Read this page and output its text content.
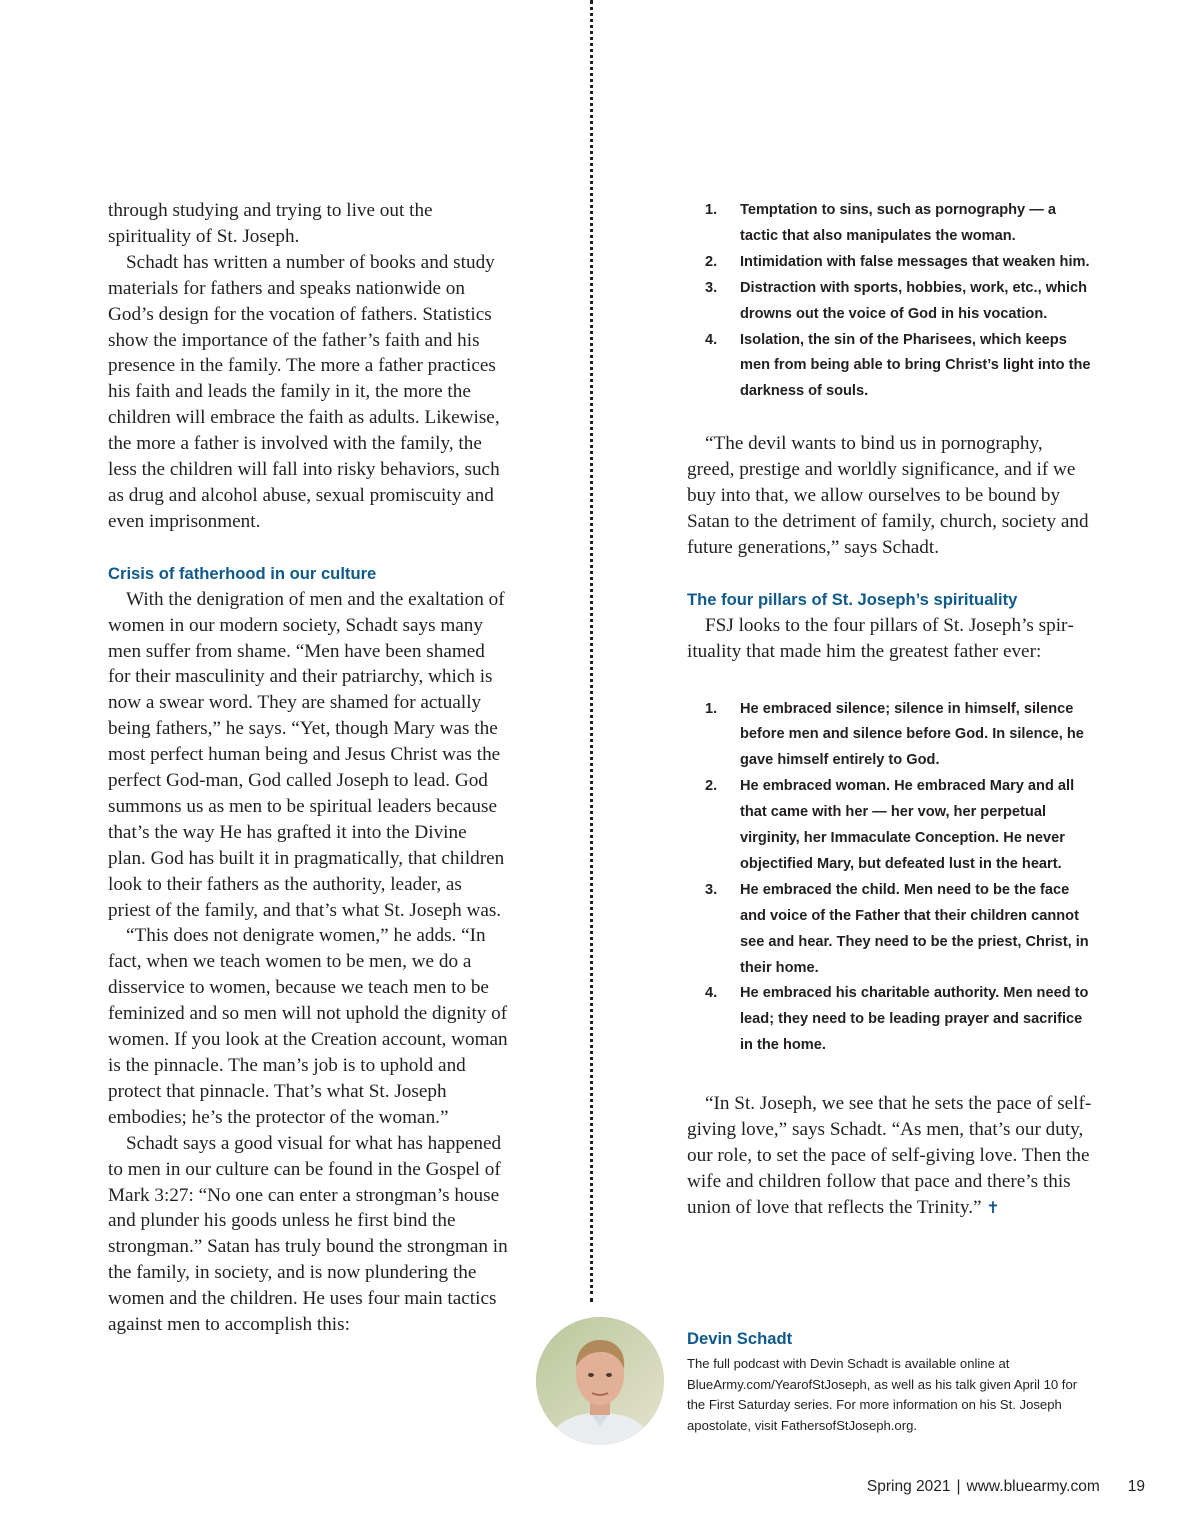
through studying and trying to live out the spirituality of St. Joseph.

Schadt has written a number of books and study materials for fathers and speaks nationwide on God’s design for the vocation of fathers. Statistics show the importance of the father’s faith and his presence in the family. The more a father practices his faith and leads the family in it, the more the children will embrace the faith as adults. Likewise, the more a father is involved with the family, the less the children will fall into risky behaviors, such as drug and alcohol abuse, sexual promiscuity and even imprisonment.

Crisis of fatherhood in our culture

With the denigration of men and the exaltation of women in our modern society, Schadt says many men suffer from shame. “Men have been shamed for their masculinity and their patriarchy, which is now a swear word. They are shamed for actually being fathers,” he says. “Yet, though Mary was the most perfect human being and Jesus Christ was the perfect God-man, God called Joseph to lead. God summons us as men to be spiritual leaders because that’s the way He has grafted it into the Divine plan. God has built it in pragmatically, that children look to their fathers as the authority, leader, as priest of the family, and that’s what St. Joseph was.

“This does not denigrate women,” he adds. “In fact, when we teach women to be men, we do a disservice to women, because we teach men to be feminized and so men will not uphold the dignity of women. If you look at the Creation account, woman is the pinnacle. The man’s job is to uphold and protect that pinnacle. That’s what St. Joseph embodies; he’s the protector of the woman.”

Schadt says a good visual for what has happened to men in our culture can be found in the Gospel of Mark 3:27: “No one can enter a strongman’s house and plunder his goods unless he first bind the strongman.” Satan has truly bound the strongman in the family, in society, and is now plundering the women and the children. He uses four main tactics against men to accomplish this:

1. Temptation to sins, such as pornography — a tactic that also manipulates the woman.
2. Intimidation with false messages that weaken him.
3. Distraction with sports, hobbies, work, etc., which drowns out the voice of God in his vocation.
4. Isolation, the sin of the Pharisees, which keeps men from being able to bring Christ’s light into the darkness of souls.

“The devil wants to bind us in pornography, greed, prestige and worldly significance, and if we buy into that, we allow ourselves to be bound by Satan to the detriment of family, church, society and future generations,” says Schadt.

The four pillars of St. Joseph’s spirituality

FSJ looks to the four pillars of St. Joseph’s spirituality that made him the greatest father ever:

1. He embraced silence; silence in himself, silence before men and silence before God. In silence, he gave himself entirely to God.
2. He embraced woman. He embraced Mary and all that came with her — her vow, her perpetual virginity, her Immaculate Conception. He never objectified Mary, but defeated lust in the heart.
3. He embraced the child. Men need to be the face and voice of the Father that their children cannot see and hear. They need to be the priest, Christ, in their home.
4. He embraced his charitable authority. Men need to lead; they need to be leading prayer and sacrifice in the home.

“In St. Joseph, we see that he sets the pace of self-giving love,” says Schadt. “As men, that’s our duty, our role, to set the pace of self-giving love. Then the wife and children follow that pace and there’s this union of love that reflects the Trinity.” ✝

Devin Schadt

The full podcast with Devin Schadt is available online at BlueArmy.com/YearofStJoseph, as well as his talk given April 10 for the First Saturday series. For more information on his St. Joseph apostolate, visit FathersofStJoseph.org.

Spring 2021 | www.bluearmy.com 19
